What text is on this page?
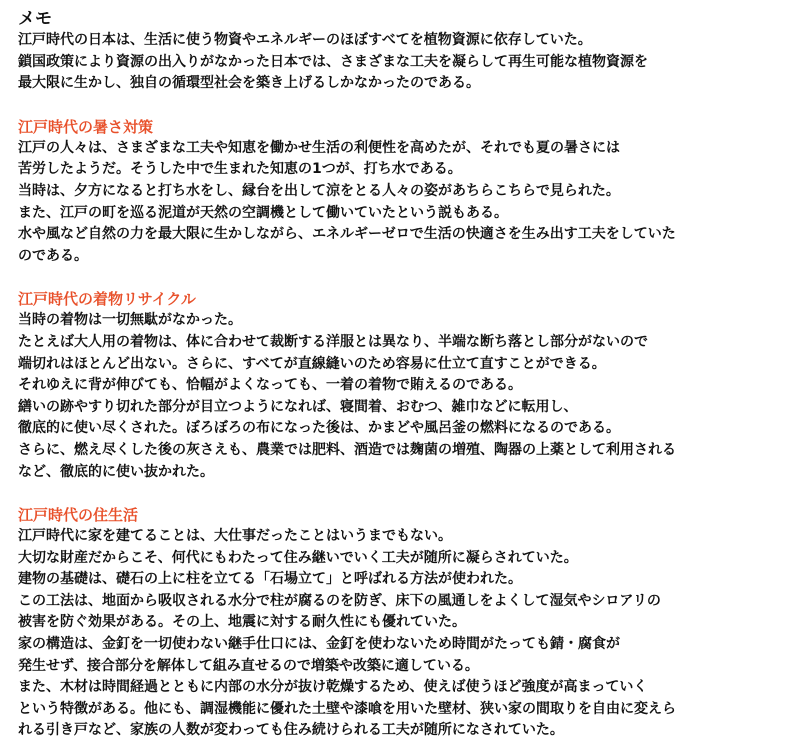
メモ
江戸時代の日本は、生活に使う物資やエネルギーのほぼすべてを植物資源に依存していた。
鎖国政策により資源の出入りがなかった日本では、さまざまな工夫を凝らして再生可能な植物資源を
最大限に生かし、独自の循環型社会を築き上げるしかなかったのである。
江戸時代の暑さ対策
江戸の人々は、さまざまな工夫や知恵を働かせ生活の利便性を高めたが、それでも夏の暑さには
苦労したようだ。そうした中で生まれた知恵の1つが、打ち水である。
当時は、夕方になると打ち水をし、縁台を出して涼をとる人々の姿があちらこちらで見られた。
また、江戸の町を巡る泥道が天然の空調機として働いていたという説もある。
水や風など自然の力を最大限に生かしながら、エネルギーゼロで生活の快適さを生み出す工夫をしていた
のである。
江戸時代の着物リサイクル
当時の着物は一切無駄がなかった。
たとえば大人用の着物は、体に合わせて裁断する洋服とは異なり、半端な断ち落とし部分がないので
端切れはほとんど出ない。さらに、すべてが直線縫いのため容易に仕立て直すことができる。
それゆえに背が伸びても、恰幅がよくなっても、一着の着物で賄えるのである。
繕いの跡やすり切れた部分が目立つようになれば、寝間着、おむつ、雑巾などに転用し、
徹底的に使い尽くされた。ぼろぼろの布になった後は、かまどや風呂釜の燃料になるのである。
さらに、燃え尽くした後の灰さえも、農業では肥料、酒造では麹菌の増殖、陶器の上薬として利用される
など、徹底的に使い抜かれた。
江戸時代の住生活
江戸時代に家を建てることは、大仕事だったことはいうまでもない。
大切な財産だからこそ、何代にもわたって住み継いでいく工夫が随所に凝らされていた。
建物の基礎は、礎石の上に柱を立てる「石場立て」と呼ばれる方法が使われた。
この工法は、地面から吸収される水分で柱が腐るのを防ぎ、床下の風通しをよくして湿気やシロアリの
被害を防ぐ効果がある。その上、地震に対する耐久性にも優れていた。
家の構造は、金釘を一切使わない継手仕口には、金釘を使わないため時間がたっても錆・腐食が
発生せず、接合部分を解体して組み直せるので増築や改築に適している。
また、木材は時間経過とともに内部の水分が抜け乾燥するため、使えば使うほど強度が高まっていく
という特徴がある。他にも、調湿機能に優れた土壁や漆喰を用いた壁材、狭い家の間取りを自由に変えら
れる引き戸など、家族の人数が変わっても住み続けられる工夫が随所になされていた。
